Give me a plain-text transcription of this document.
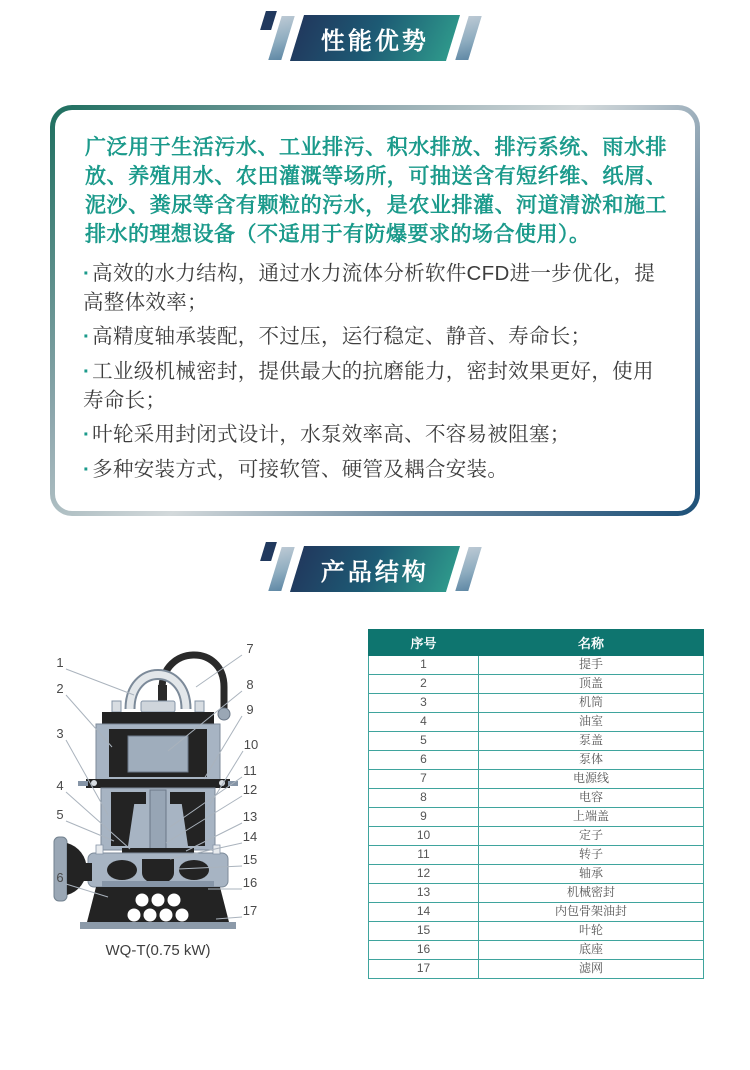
性能优势

广泛用于生活污水、工业排污、积水排放、排污系统、雨水排放、养殖用水、农田灌溉等场所，可抽送含有短纤维、纸屑、泥沙、粪尿等含有颗粒的污水，是农业排灌、河道清淤和施工排水的理想设备（不适用于有防爆要求的场合使用）。

·高效的水力结构，通过水力流体分析软件CFD进一步优化，提高整体效率；
·高精度轴承装配，不过压，运行稳定、静音、寿命长；
·工业级机械密封，提供最大的抗磨能力，密封效果更好，使用寿命长；
·叶轮采用封闭式设计，水泵效率高、不容易被阻塞；
·多种安装方式，可接软管、硬管及耦合安装。
产品结构
1
2
3
4
5
6
7
8
9
10
11
12
13
14
15
16
17
WQ-T(0.75 kW)
序号	名称
1	提手
2	顶盖
3	机筒
4	油室
5	泵盖
6	泵体
7	电源线
8	电容
9	上端盖
10	定子
11	转子
12	轴承
13	机械密封
14	内包骨架油封
15	叶轮
16	底座
17	滤网
